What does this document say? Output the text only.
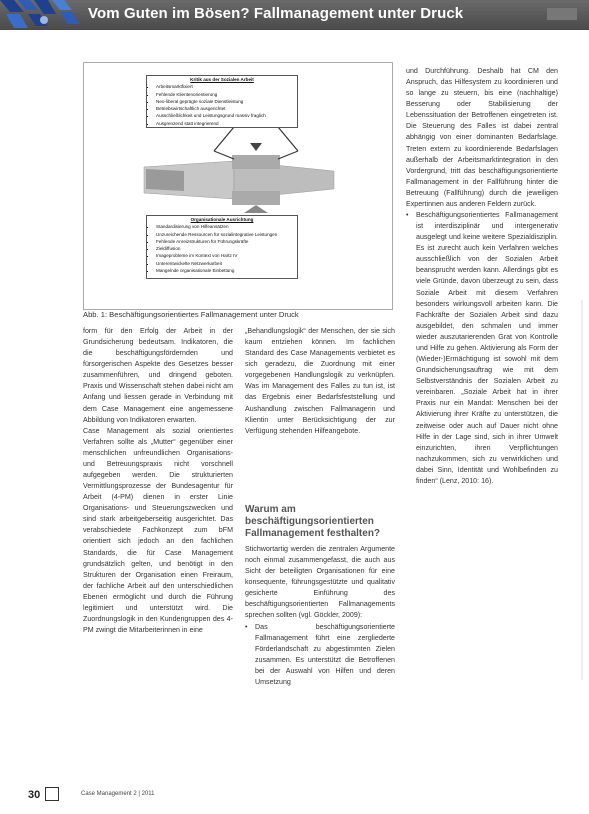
Vom Guten im Bösen? Fallmanagement unter Druck
Kritik aus der Sozialen Arbeit
▪ Arbeitsmarktfixiert
▪ Fehlende Klientenorientierung
▪ Neo-liberal geprägte soziale Dienstleistung
▪ Betriebswirtschaftlich ausgerichtet
▪ Ausschließlichkeit und Leistungsgrund massiv fraglich
▪ Ausgrenzend statt integrierend
Organisationale Ausrichtung
▪ Standardisierung von Hilfeansätzen
▪ Unzureichende Ressourcen für sozialintegrative Leistungen
▪ Fehlende Anreizstrukturen für Führungskräfte
▪ Zieldiffusion
▪ Imageprobleme im Kontext von Hartz IV
▪ Unterentwickelte Netzwerkarbeit
▪ Mangelnde organisationale Einbettung
Abb. 1: Beschäftigungsorientiertes Fallmanagement unter Druck

form für den Erfolg der Arbeit in der Grundsicherung bedeutsam. Indikatoren, die die beschäftigungsfördernden und fürsorgerischen Aspekte des Gesetzes besser zusammenführen, und dringend geboten. Praxis und Wissenschaft stehen dabei nicht am Anfang und liessen gerade in Verbindung mit dem Case Management eine angemessene Abbildung von Indikatoren erwarten.

Case Management als sozial orientiertes Verfahren sollte als „Mutter“ gegenüber einer menschlichen unfreundlichen Organisations- und Betreuungspraxis nicht vorschnell aufgegeben werden. Die strukturierten Vermittlungsprozesse der Bundesagentur für Arbeit (4-PM) dienen in erster Linie Organisations- und Steuerungszwecken und sind stark arbeitgeberseitig ausgerichtet. Das verabschiedete Fachkonzept zum bFM orientiert sich jedoch an den fachlichen Standards, die für Case Management grundsätzlich gelten, und benötigt in den Strukturen der Organisation einen Freiraum, der fachliche Arbeit auf den unterschiedlichen Ebenen ermöglicht und durch die Führung legitimiert und unterstützt wird. Die Zuordnungslogik in den Kundengruppen des 4-PM zwingt die Mitarbeiterinnen in eine

„Behandlungslogik“ der Menschen, der sie sich kaum entziehen können. Im fachlichen Standard des Case Managements verbietet es sich geradezu, die Zuordnung mit einer vorgegebenen Handlungslogik zu verknüpfen. Was im Management des Falles zu tun ist, ist das Ergebnis einer Bedarfsfeststellung und Aushandlung zwischen Fallmanagerin und Klientin unter Berücksichtigung der zur Verfügung stehenden Hilfeangebote.

Warum am beschäftigungsorientierten Fallmanagement festhalten?

Stichwortartig werden die zentralen Argumente noch einmal zusammengefasst, die auch aus Sicht der beteiligten Organisationen für eine konsequente, führungsgestützte und qualitativ gesicherte Einführung des beschäftigungsorientierten Fallmanagements sprechen sollten (vgl. Göckler, 2009):

• Das beschäftigungsorientierte Fallmanagement führt eine zergliederte Förderlandschaft zu abgestimmten Zielen zusammen. Es unterstützt die Betroffenen bei der Auswahl von Hilfen und deren Umsetzung

und Durchführung. Deshalb hat CM den Anspruch, das Hilfesystem zu koordinieren und so lange zu steuern, bis eine (nachhaltige) Besserung oder Stabilisierung der Lebenssituation der Betroffenen eingetreten ist. Die Steuerung des Falles ist dabei zentral abhängig von einer dominanten Bedarfslage. Treten extern zu koordinierende Bedarfslagen außerhalb der Arbeitsmarktintegration in den Vordergrund, tritt das beschäftigungsorientierte Fallmanagement in der Fallführung hinter die Betreuung (Fallführung) durch die jeweiligen Expertinnen aus anderen Feldern zurück.

• Beschäftigungsorientiertes Fallmanagement ist interdisziplinär und intergenerativ ausgelegt und keine weitere Spezialdisziplin. Es ist zurecht auch kein Verfahren welches ausschließlich von der Sozialen Arbeit beansprucht werden kann. Allerdings gibt es viele Gründe, davon überzeugt zu sein, dass Soziale Arbeit mit diesem Verfahren besonders wirkungsvoll arbeiten kann. Die Fachkräfte der Sozialen Arbeit sind dazu ausgebildet, den schmalen und immer wieder auszutarierenden Grat von Kontrolle und Hilfe zu gehen. Aktivierung als Form der (Wieder-)Ermächtigung ist sowohl mit dem Grundsicherungsauftrag wie mit dem Selbstverständnis der Sozialen Arbeit zu vereinbaren. „Soziale Arbeit hat in ihrer Praxis nur ein Mandat: Menschen bei der Aktivierung ihrer Kräfte zu unterstützen, die zeitweise oder auch auf Dauer nicht ohne Hilfe in der Lage sind, sich in ihrer Umwelt einzurichten, ihren Verpflichtungen nachzukommen, sich zu verwirklichen und dabei Sinn, Identität und Wohlbefinden zu finden“ (Lenz, 2010: 16).

30	Case Management 2 | 2011
